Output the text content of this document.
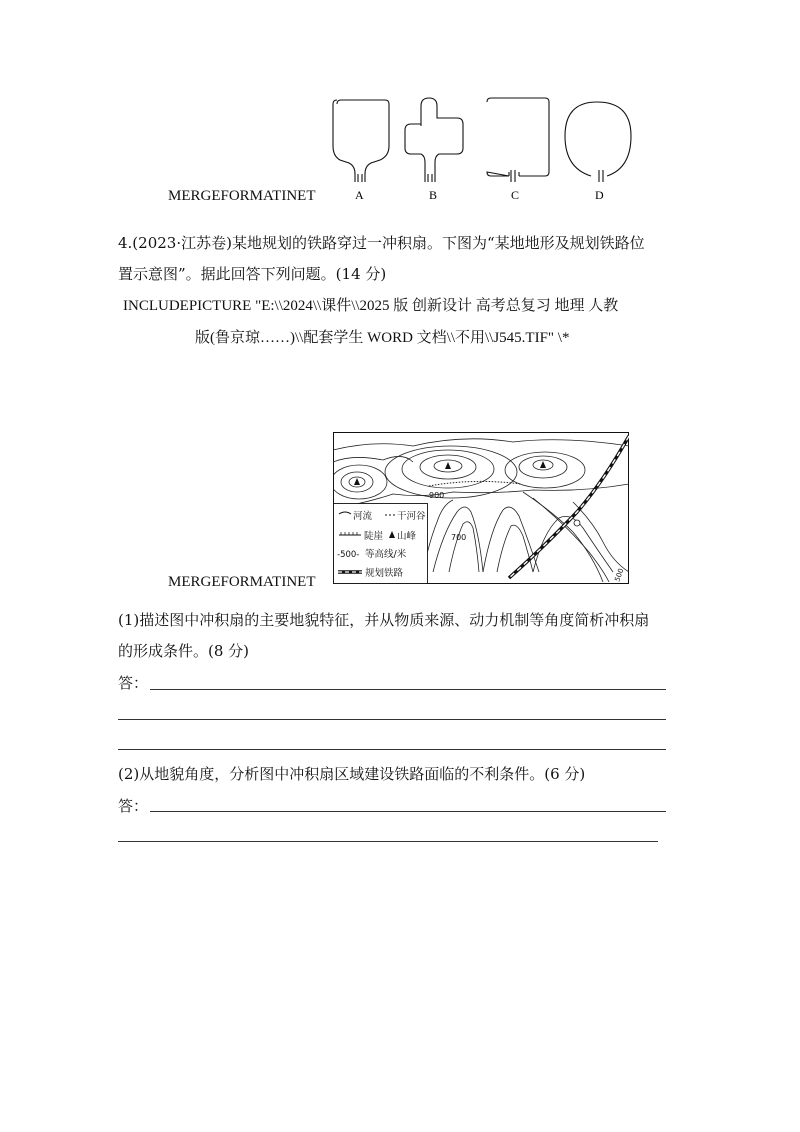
A	B	C	D
MERGEFORMATINET
4.(2023·江苏卷)某地规划的铁路穿过一冲积扇。下图为“某地地形及规划铁路位
置示意图”。据此回答下列问题。(14 分)
INCLUDEPICTURE "E:\\2024\\课件\\2025 版 创新设计 高考总复习 地理 人教
版(鲁京琼……)\\配套学生 WORD 文档\\不用\\J545.TIF" \*
900
700
500
河流	干河谷
陡崖 山峰
-500- 等高线/米
规划铁路
MERGEFORMATINET
(1)描述图中冲积扇的主要地貌特征，并从物质来源、动力机制等角度简析冲积扇
的形成条件。(8 分)
答：
(2)从地貌角度，分析图中冲积扇区域建设铁路面临的不利条件。(6 分)
答：
